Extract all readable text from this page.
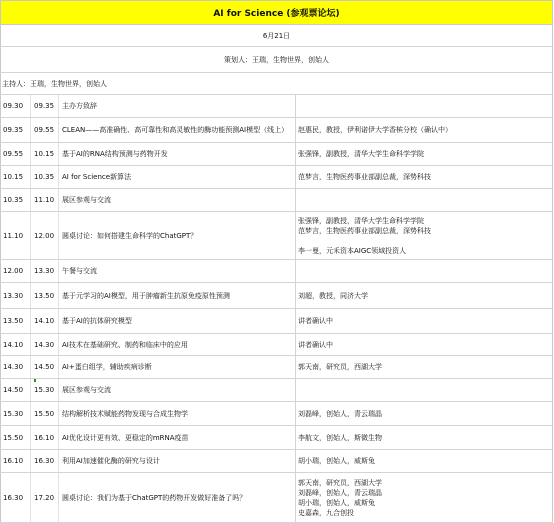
AI for Science (参观票论坛)
6月21日
策划人：王瑞，生物世界，创始人
主持人：王瑞，生物世界，创始人
09.30	09.35	主办方致辞
09.35	09.55	CLEAN——高准确性、高可靠性和高灵敏性的酶功能预测AI模型（线上）	赵惠民，教授，伊利诺伊大学香槟分校（确认中）
09.55	10.15	基于AI的RNA结构预测与药物开发	张强锋，副教授，清华大学生命科学学院
10.15	10.35	AI for Science新算法	范梦言，生物医药事业部副总裁，深势科技
10.35	11.10	展区参观与交流
11.10	12.00	圆桌讨论：如何搭建生命科学的ChatGPT？
张强锋，副教授，清华大学生命科学学院
范梦言，生物医药事业部副总裁，深势科技

李一曼，元禾资本AIGC领域投资人
12.00	13.30	午餐与交流
13.30	13.50	基于元学习的AI模型，用于肿瘤新生抗原免疫原性预测	刘超，教授，同济大学
13.50	14.10	基于AI的抗体研究模型	讲者确认中
14.10	14.30	AI技术在基础研究、制药和临床中的应用	讲者确认中
14.30	14.50	AI+蛋白组学，辅助疾病诊断	郭天南，研究员，西湖大学
14.50	15.30	展区参观与交流
15.30	15.50	结构解析技术赋能药物发现与合成生物学	刘磊峰，创始人，青云瑞晶
15.50	16.10	AI优化设计更有效、更稳定的mRNA疫苗	李航文，创始人，斯微生物
16.10	16.30	利用AI加速催化酶的研究与设计	胡小瑞，创始人，威斯兔
16.30	17.20	圆桌讨论：我们为基于ChatGPT的药物开发做好准备了吗？
郭天南，研究员，西湖大学
刘磊峰，创始人，青云瑞晶
胡小瑞，创始人，威斯兔
史嘉森，九合创投
